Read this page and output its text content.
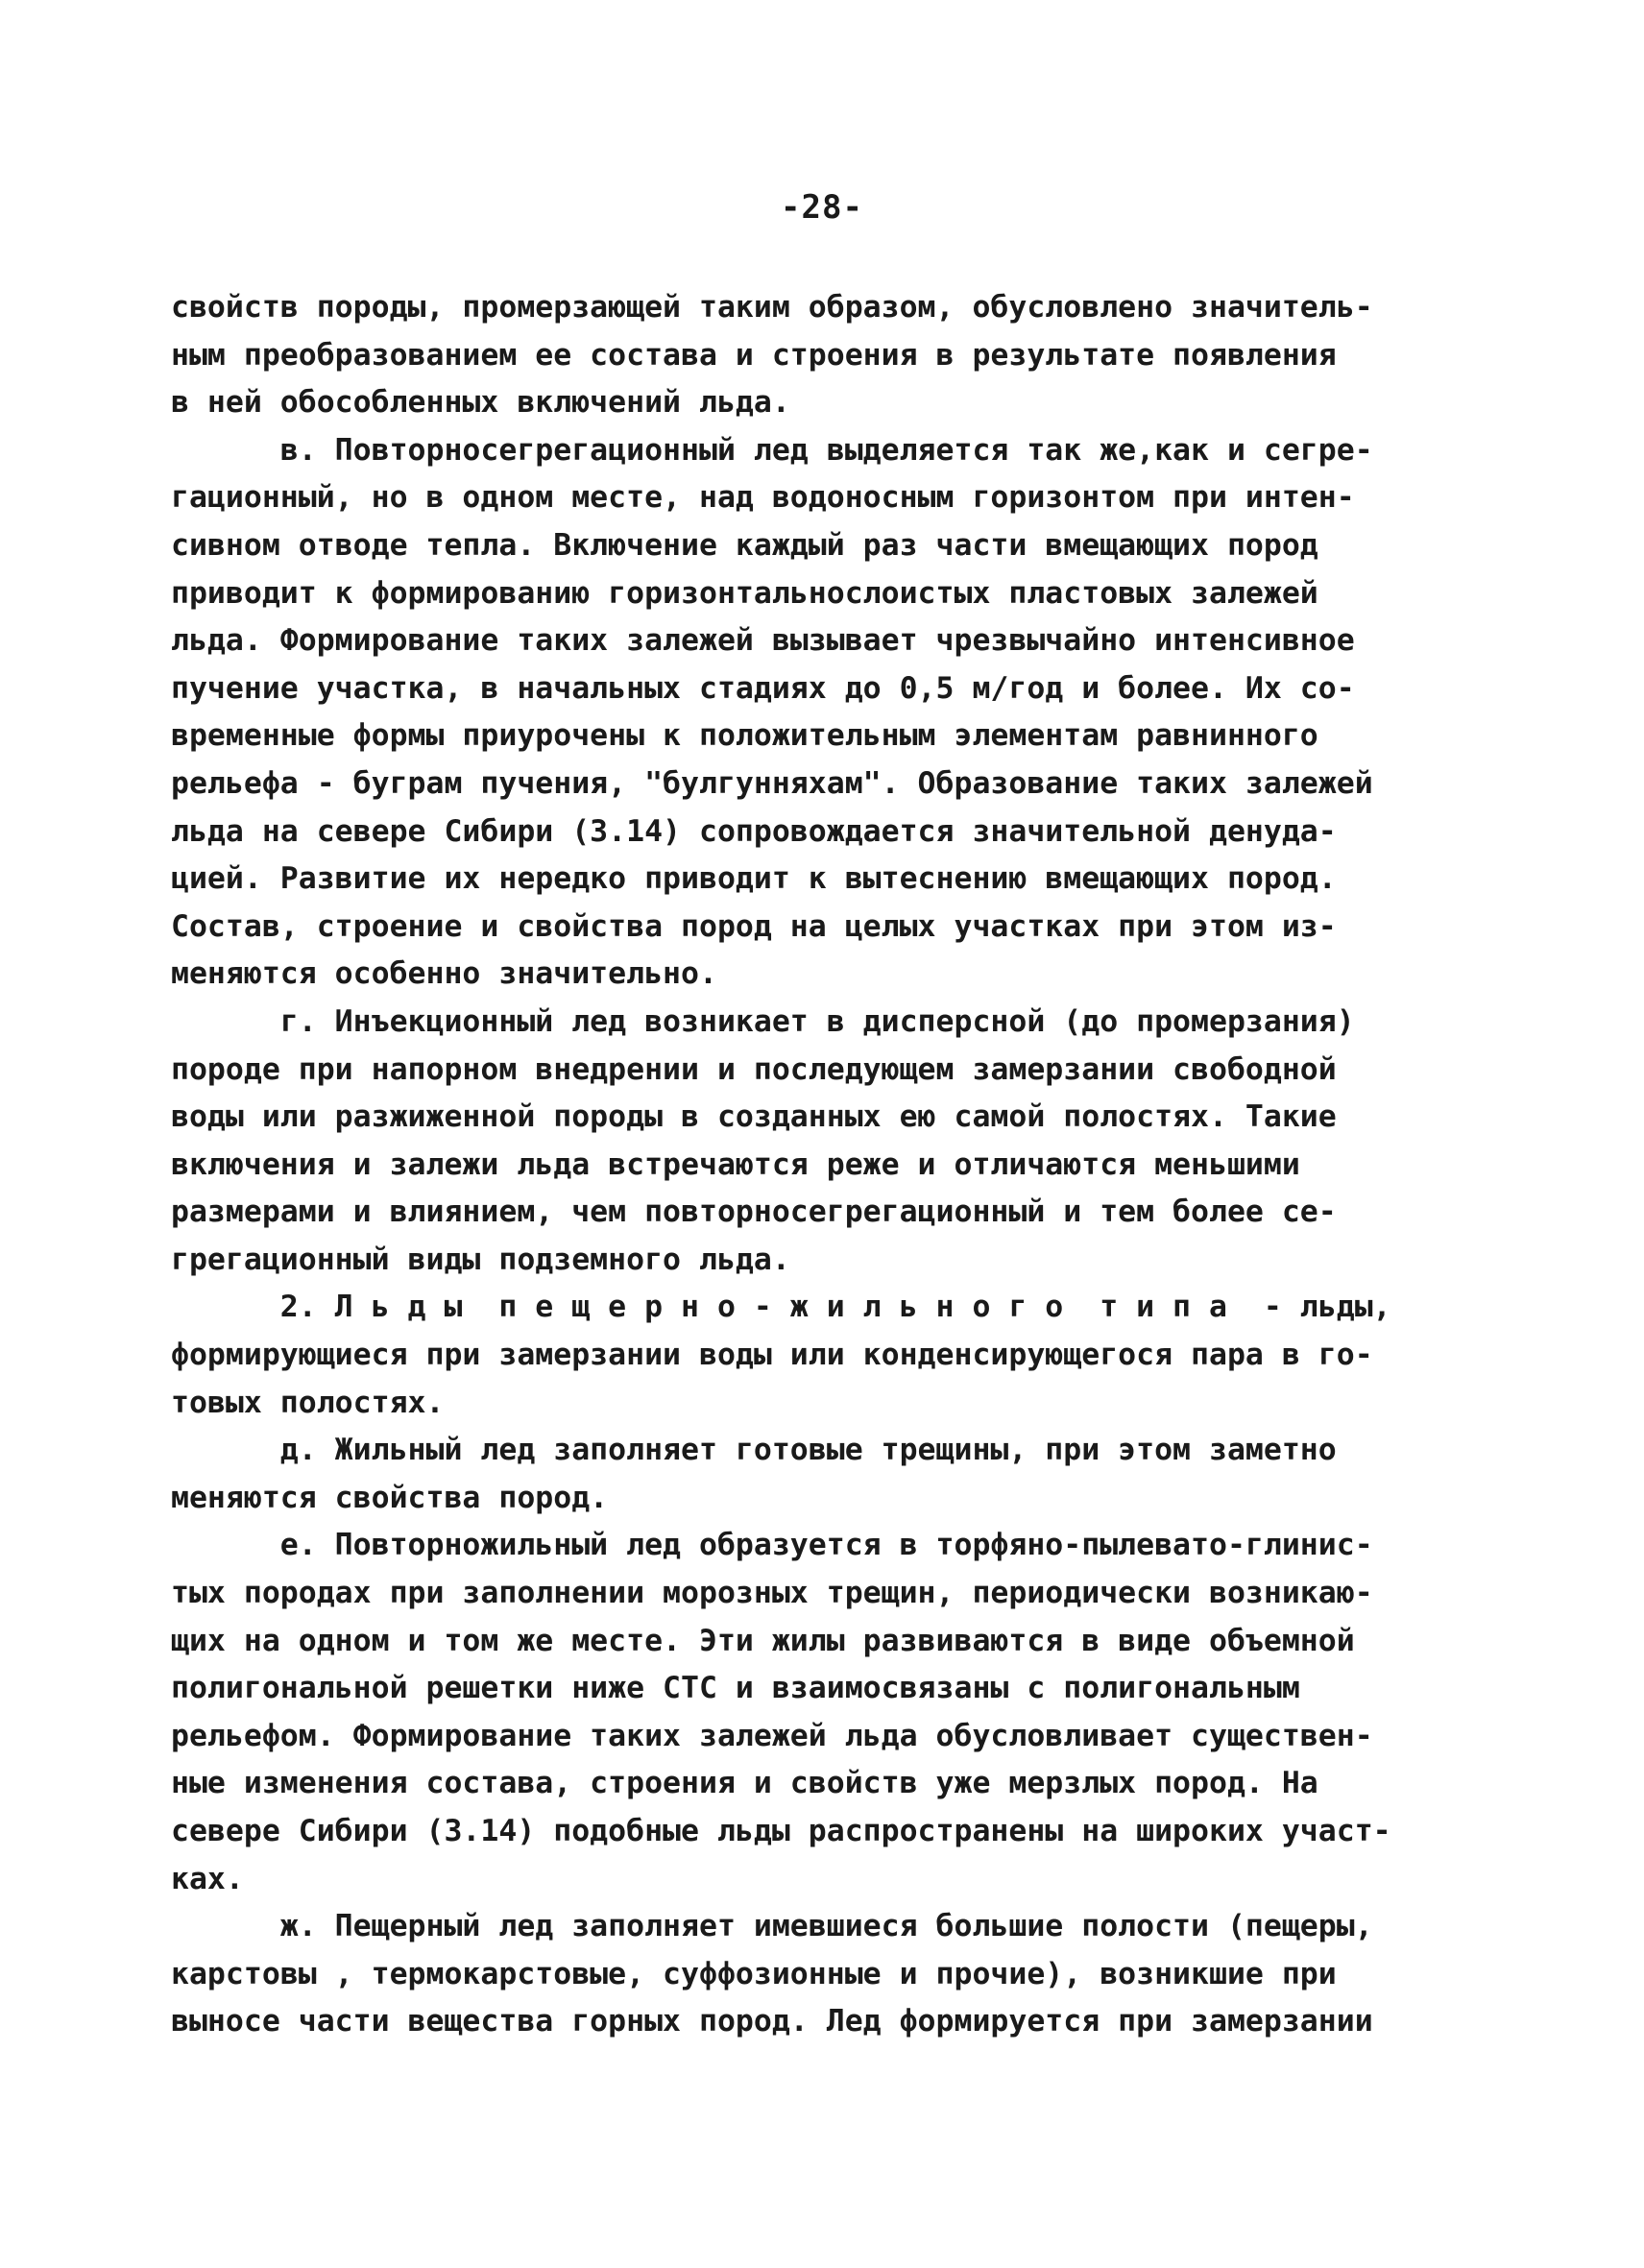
-28-
свойств породы, промерзающей таким образом, обусловлено значитель-
ным преобразованием ее состава и строения в результате появления
в ней обособленных включений льда.
в. Повторносегрегационный лед выделяется так же,как и сегре-
гационный, но в одном месте, над водоносным горизонтом при интен-
сивном отводе тепла. Включение каждый раз части вмещающих пород
приводит к формированию горизонтальнослоистых пластовых залежей
льда. Формирование таких залежей вызывает чрезвычайно интенсивное
пучение участка, в начальных стадиях до 0,5 м/год и более. Их со-
временные формы приурочены к положительным элементам равнинного
рельефа - буграм пучения, "булгунняхам". Образование таких залежей
льда на севере Сибири (3.14) сопровождается значительной денуда-
цией. Развитие их нередко приводит к вытеснению вмещающих пород.
Состав, строение и свойства пород на целых участках при этом из-
меняются особенно значительно.
г. Инъекционный лед возникает в дисперсной (до промерзания)
породе при напорном внедрении и последующем замерзании свободной
воды или разжиженной породы в созданных ею самой полостях. Такие
включения и залежи льда встречаются реже и отличаются меньшими
размерами и влиянием, чем повторносегрегационный и тем более се-
грегационный виды подземного льда.
2. Л ь д ы  п е щ е р н о - ж и л ь н о г о  т и п а  - льды,
формирующиеся при замерзании воды или конденсирующегося пара в го-
товых полостях.
д. Жильный лед заполняет готовые трещины, при этом заметно
меняются свойства пород.
е. Повторножильный лед образуется в торфяно-пылевато-глинис-
тых породах при заполнении морозных трещин, периодически возникаю-
щих на одном и том же месте. Эти жилы развиваются в виде объемной
полигональной решетки ниже СТС и взаимосвязаны с полигональным
рельефом. Формирование таких залежей льда обусловливает существен-
ные изменения состава, строения и свойств уже мерзлых пород. На
севере Сибири (3.14) подобные льды распространены на широких участ-
ках.
ж. Пещерный лед заполняет имевшиеся большие полости (пещеры,
карстовы , термокарстовые, суффозионные и прочие), возникшие при
выносе части вещества горных пород. Лед формируется при замерзании
